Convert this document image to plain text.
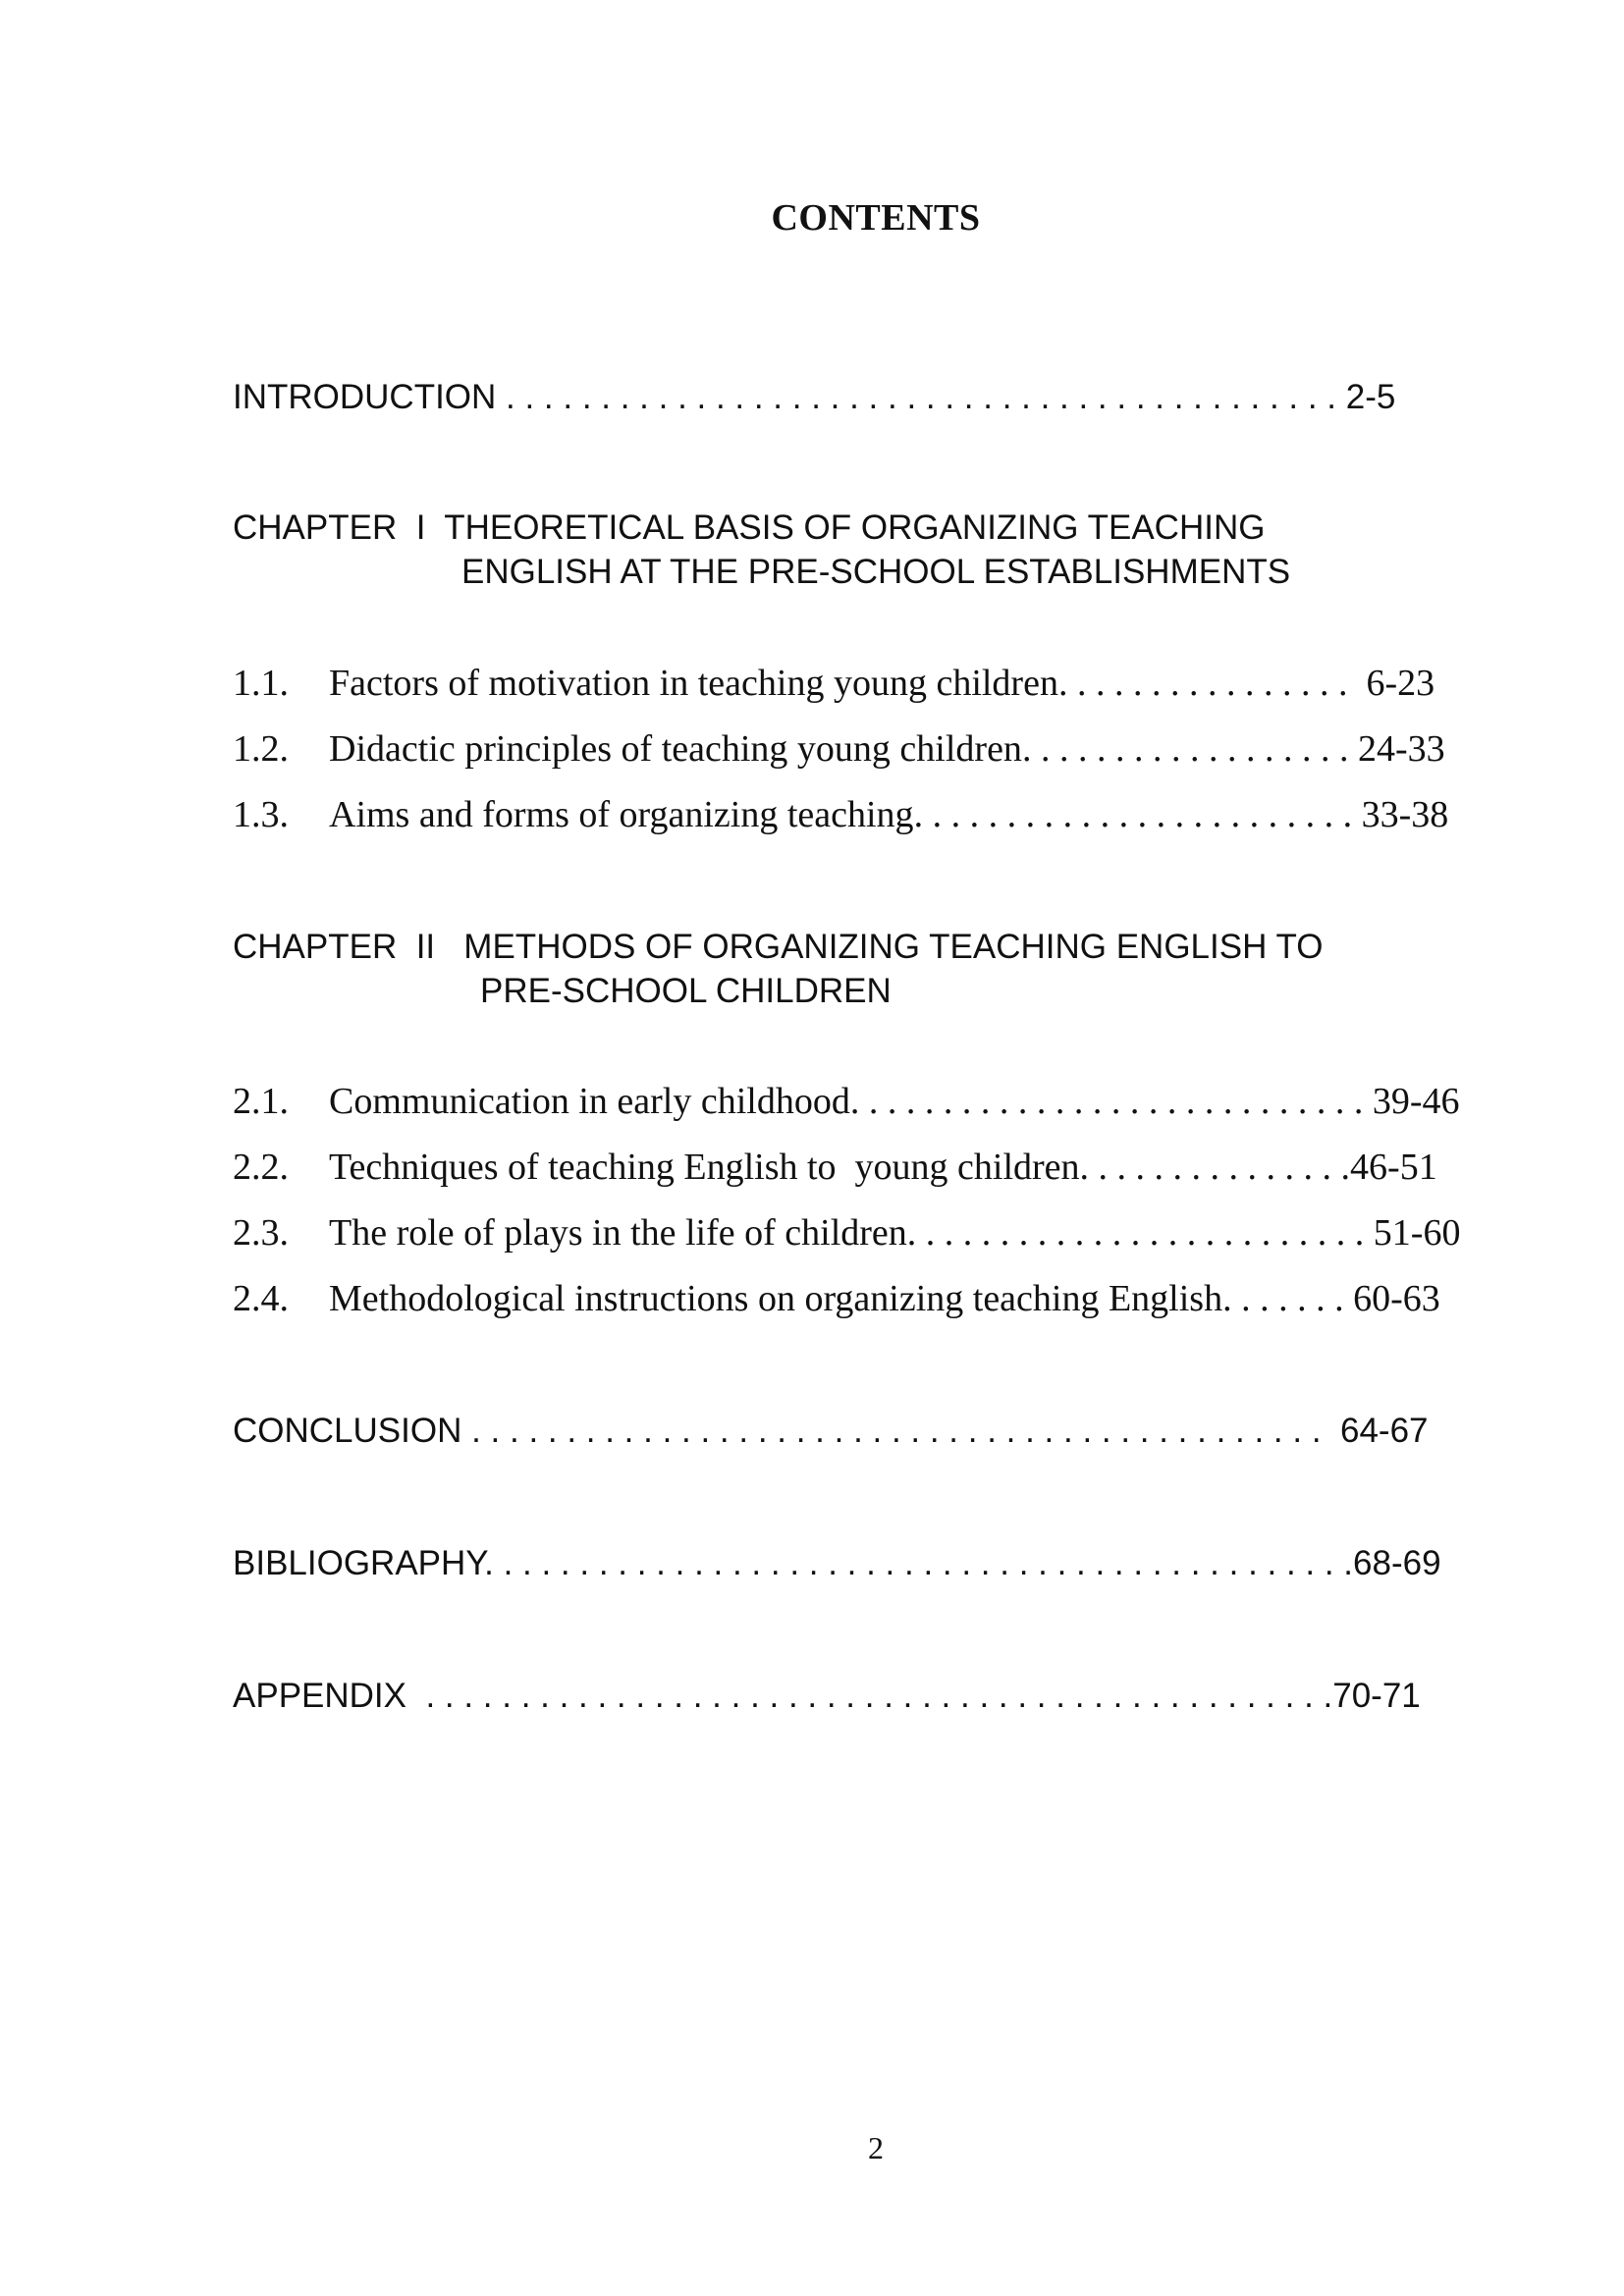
CONTENTS
INTRODUCTION . . . . . . . . . . . . . . . . . . . . . . . . . . . . . . . . . . . . . . . . . . . . 2-5
CHAPTER  I  THEORETICAL BASIS OF ORGANIZING TEACHING
ENGLISH AT THE PRE-SCHOOL ESTABLISHMENTS
1.1. Factors of motivation in teaching young children. . . . . . . . . . . . . . . .  6-23
1.2. Didactic principles of teaching young children. . . . . . . . . . . . . . . . . . 24-33
1.3. Aims and forms of organizing teaching. . . . . . . . . . . . . . . . . . . . . . . . 33-38
CHAPTER  II   METHODS OF ORGANIZING TEACHING ENGLISH TO
PRE-SCHOOL CHILDREN
2.1. Communication in early childhood. . . . . . . . . . . . . . . . . . . . . . . . . . . . 39-46
2.2. Techniques of teaching English to  young children. . . . . . . . . . . . . . .46-51
2.3. The role of plays in the life of children. . . . . . . . . . . . . . . . . . . . . . . . . 51-60
2.4. Methodological instructions on organizing teaching English. . . . . . . 60-63
CONCLUSION . . . . . . . . . . . . . . . . . . . . . . . . . . . . . . . . . . . . . . . . . . . . .  64-67
BIBLIOGRAPHY. . . . . . . . . . . . . . . . . . . . . . . . . . . . . . . . . . . . . . . . . . . . . .68-69
APPENDIX  . . . . . . . . . . . . . . . . . . . . . . . . . . . . . . . . . . . . . . . . . . . . . . . .70-71
2
